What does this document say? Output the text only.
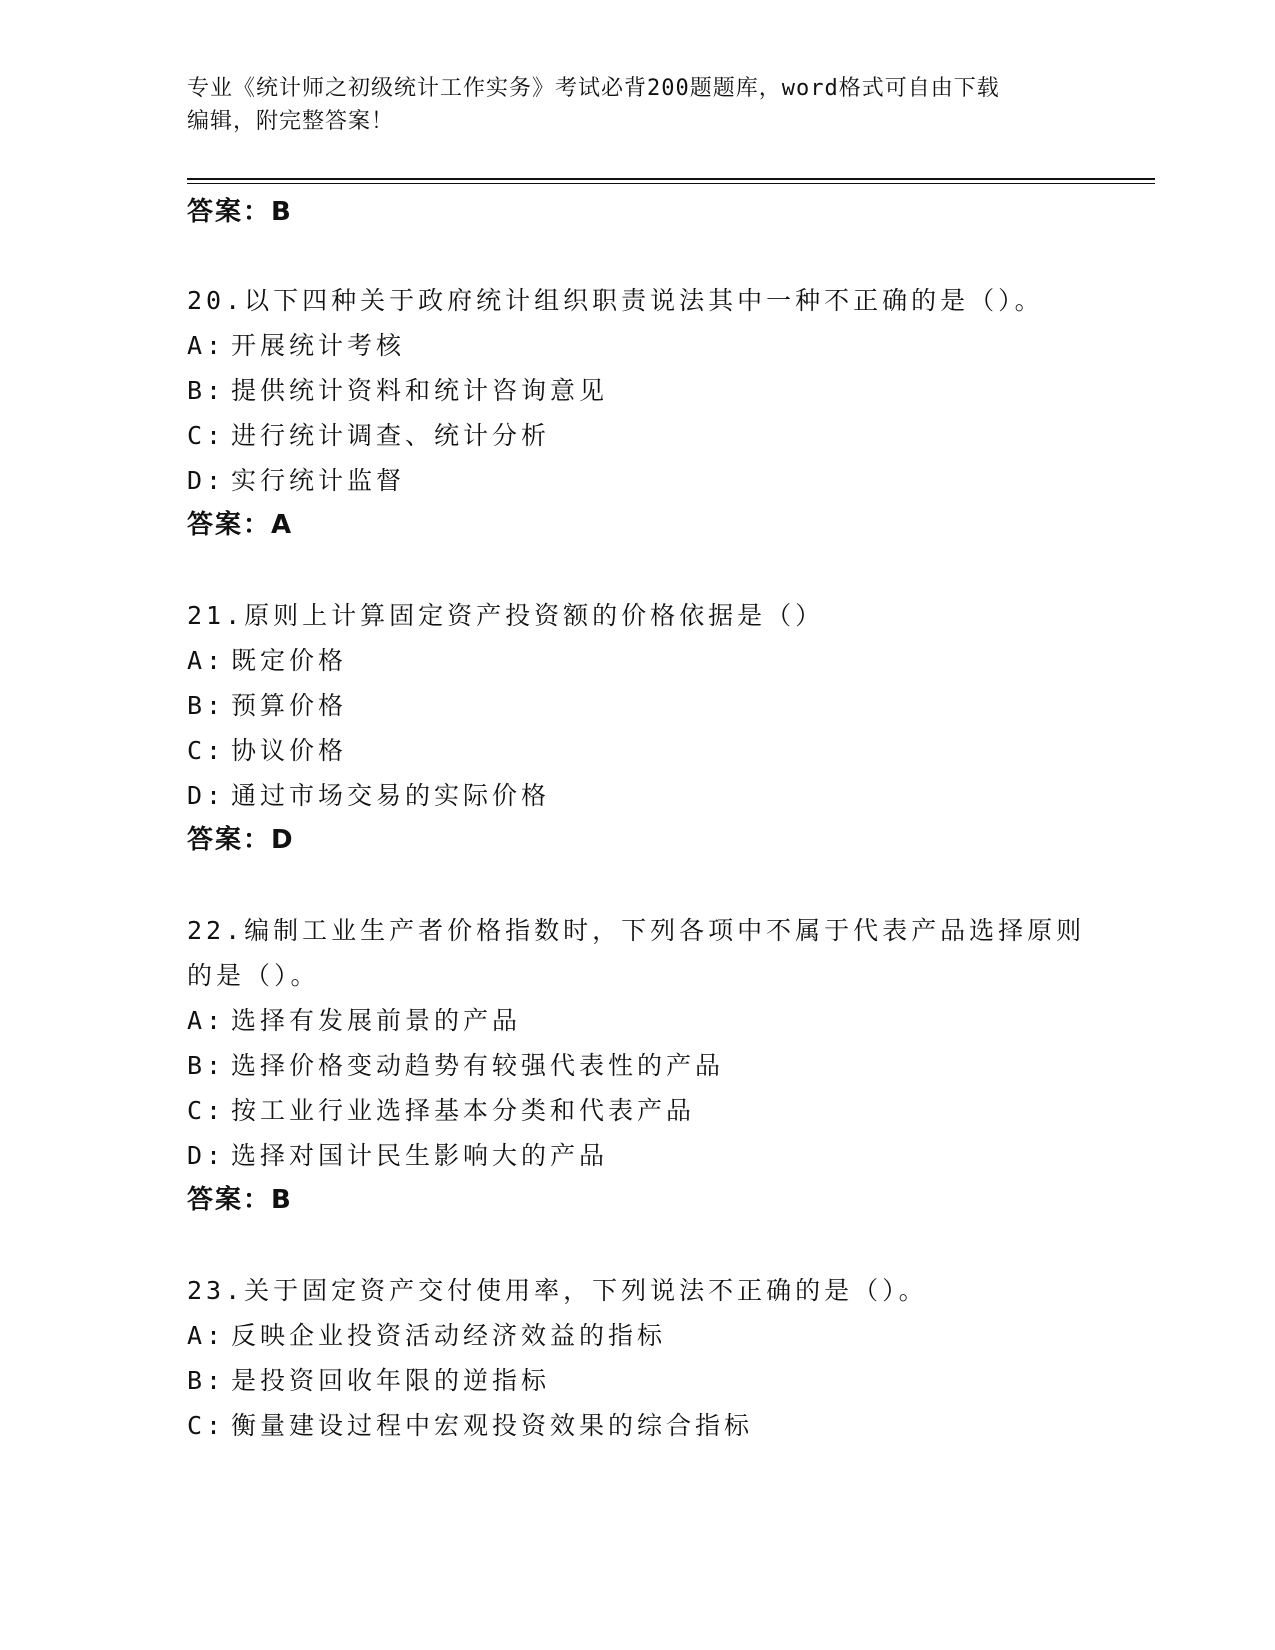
专业《统计师之初级统计工作实务》考试必背200题题库，word格式可自由下载
编辑，附完整答案！
答案：B
20.以下四种关于政府统计组织职责说法其中一种不正确的是（）。
A: 开展统计考核
B: 提供统计资料和统计咨询意见
C: 进行统计调查、统计分析
D: 实行统计监督
答案：A
21.原则上计算固定资产投资额的价格依据是（）
A: 既定价格
B: 预算价格
C: 协议价格
D: 通过市场交易的实际价格
答案：D
22.编制工业生产者价格指数时，下列各项中不属于代表产品选择原则
的是（）。
A: 选择有发展前景的产品
B: 选择价格变动趋势有较强代表性的产品
C: 按工业行业选择基本分类和代表产品
D: 选择对国计民生影响大的产品
答案：B
23.关于固定资产交付使用率，下列说法不正确的是（）。
A: 反映企业投资活动经济效益的指标
B: 是投资回收年限的逆指标
C: 衡量建设过程中宏观投资效果的综合指标
